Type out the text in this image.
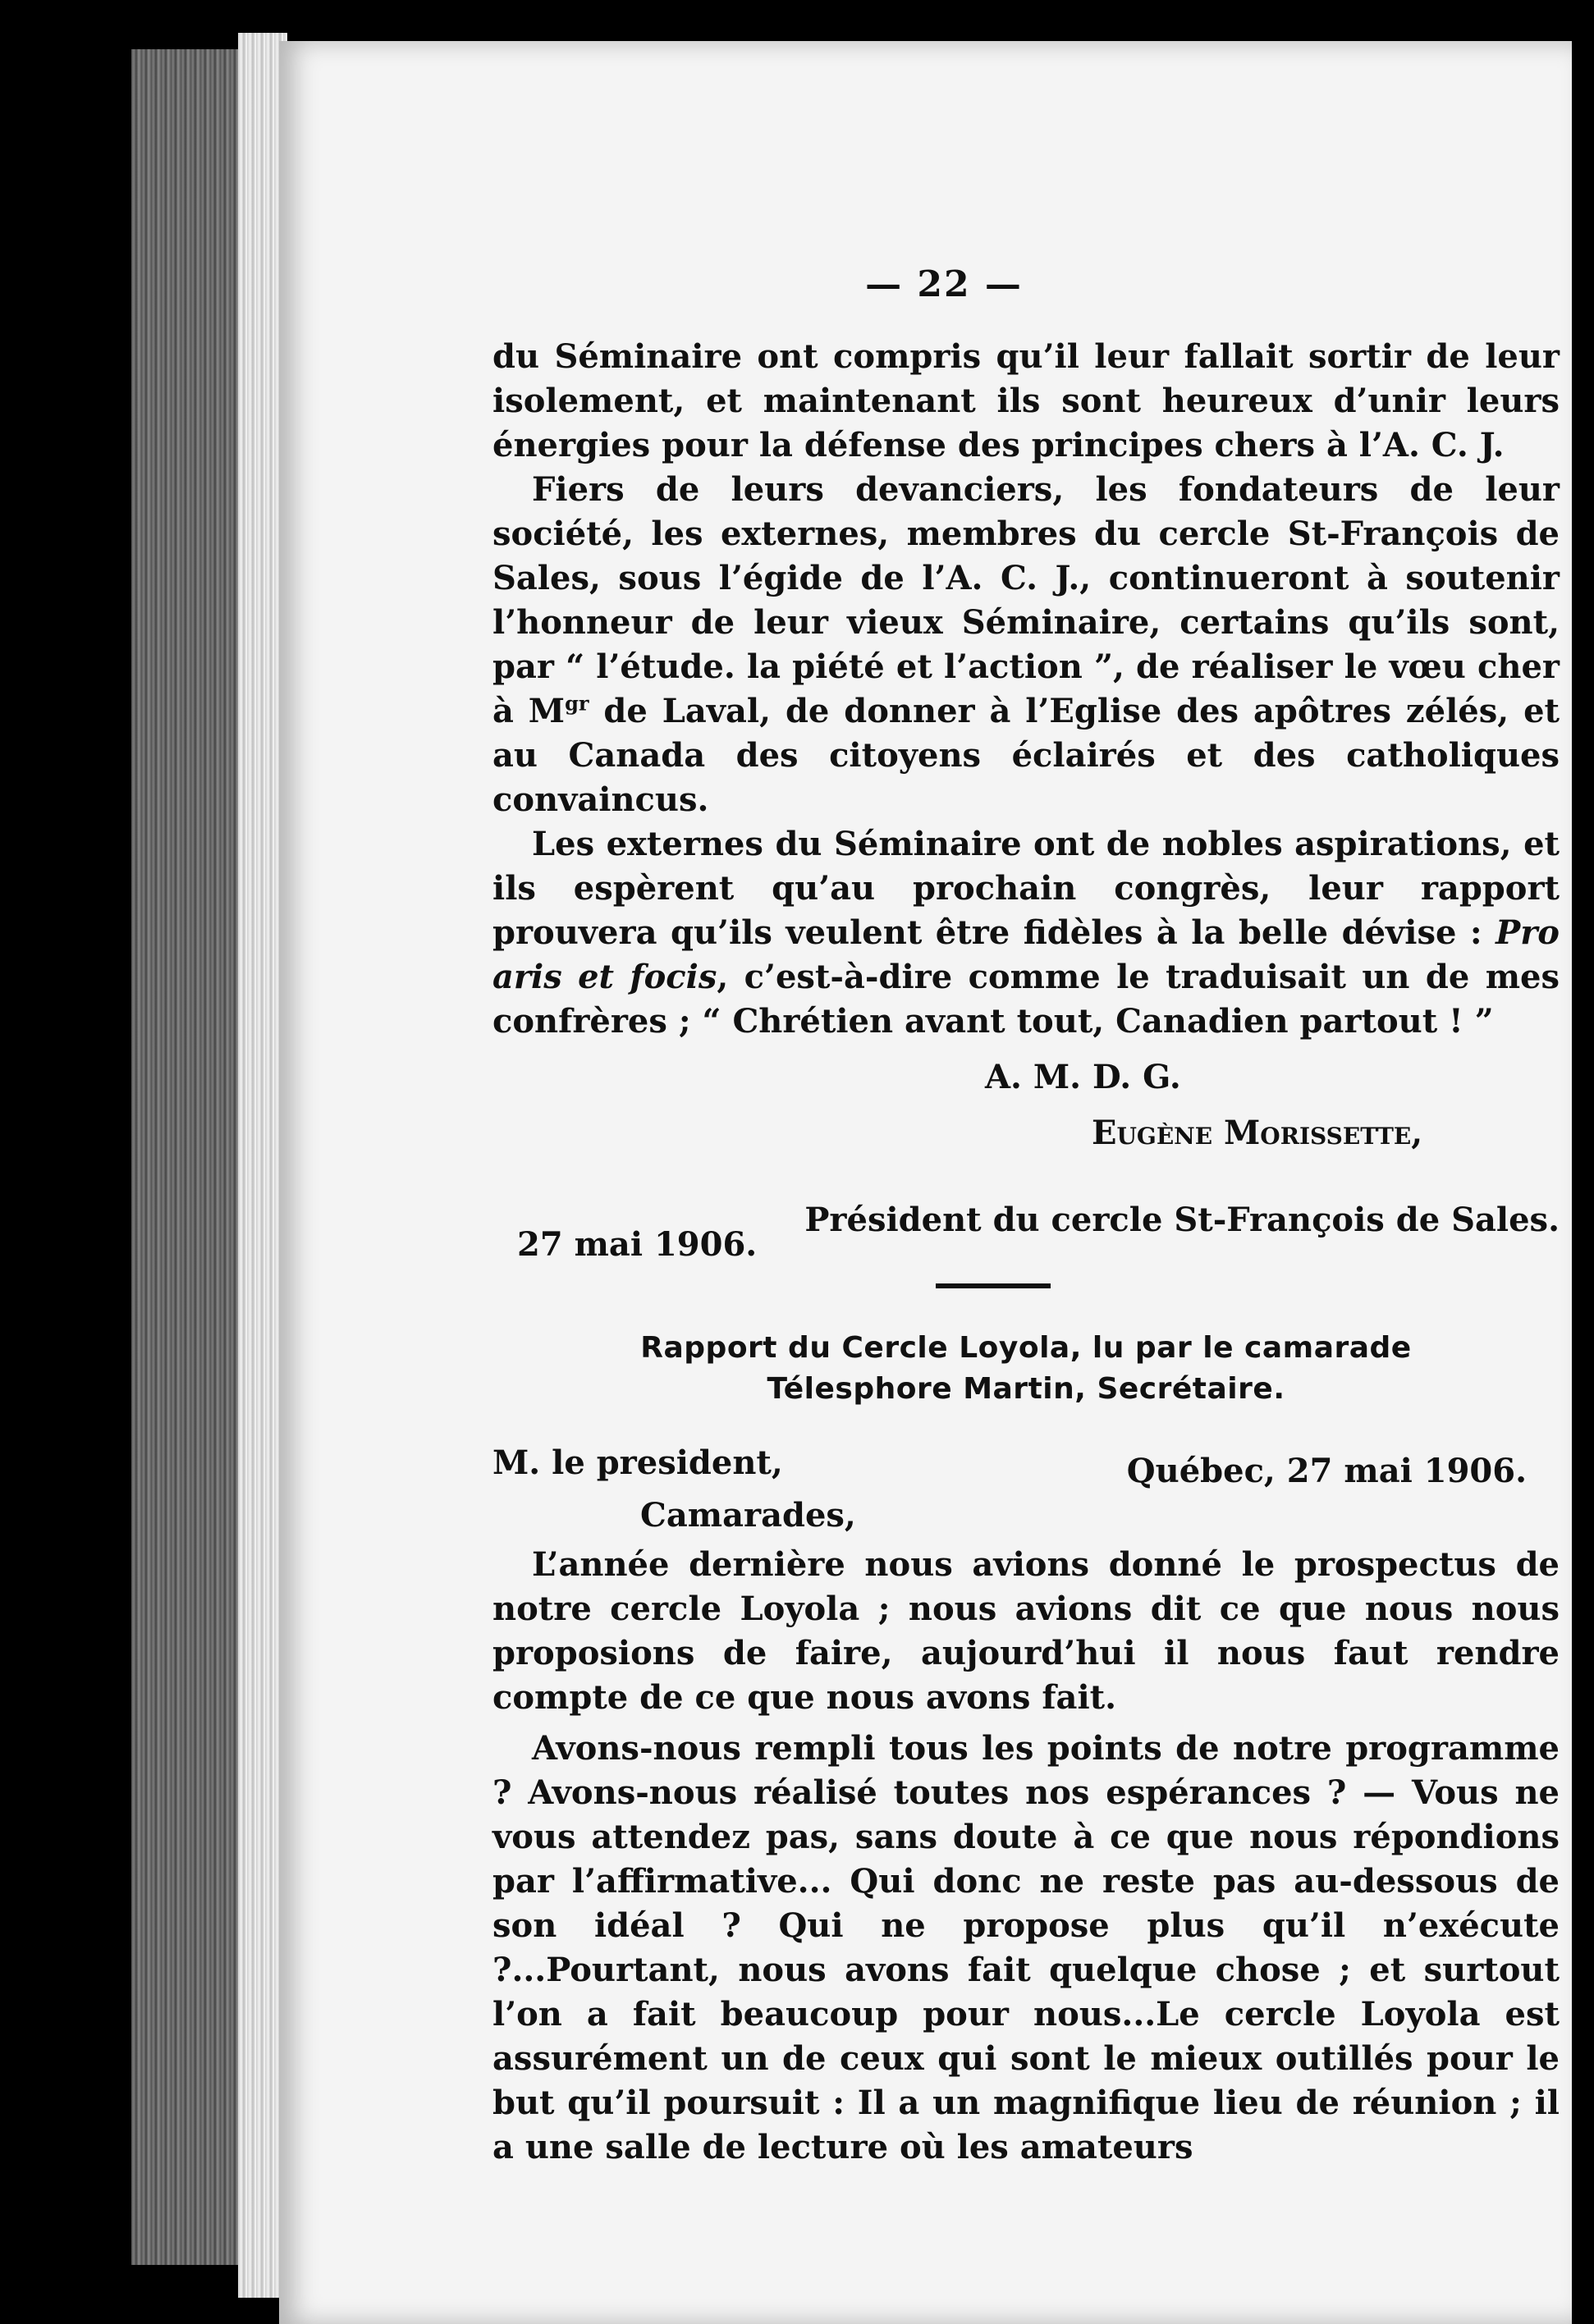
— 22 —

du Séminaire ont compris qu’il leur fallait sortir de leur isolement, et maintenant ils sont heureux d’unir leurs énergies pour la défense des principes chers à l’A. C. J.

Fiers de leurs devanciers, les fondateurs de leur société, les externes, membres du cercle St-François de Sales, sous l’égide de l’A. C. J., continueront à soutenir l’honneur de leur vieux Séminaire, certains qu’ils sont, par “ l’étude. la piété et l’action ”, de réaliser le vœu cher à $M^{gr}$ de Laval, de donner à l’Eglise des apôtres zélés, et au Canada des citoyens éclairés et des catholiques convaincus.

Les externes du Séminaire ont de nobles aspirations, et ils espèrent qu’au prochain congrès, leur rapport prouvera qu’ils veulent être fidèles à la belle dévise : Pro aris et focis, c’est-à-dire comme le traduisait un de mes confrères ; “ Chrétien avant tout, Canadien partout ! ”

A. M. D. G.
Eugène Morissette,
27 mai 1906.
Président du cercle St-François de Sales.
Rapport du Cercle Loyola, lu par le camarade
Télesphore Martin, Secrétaire.
M. le president,	Québec, 27 mai 1906.
Camarades,

L’année dernière nous avions donné le prospectus de notre cercle Loyola ; nous avions dit ce que nous nous proposions de faire, aujourd’hui il nous faut rendre compte de ce que nous avons fait.

Avons-nous rempli tous les points de notre programme ? Avons-nous réalisé toutes nos espérances ? — Vous ne vous attendez pas, sans doute à ce que nous répondions par l’affirmative... Qui donc ne reste pas au-dessous de son idéal ? Qui ne propose plus qu’il n’exécute ?...Pourtant, nous avons fait quelque chose ; et surtout l’on a fait beaucoup pour nous...Le cercle Loyola est assurément un de ceux qui sont le mieux outillés pour le but qu’il poursuit : Il a un magnifique lieu de réunion ; il a une salle de lecture où les amateurs
